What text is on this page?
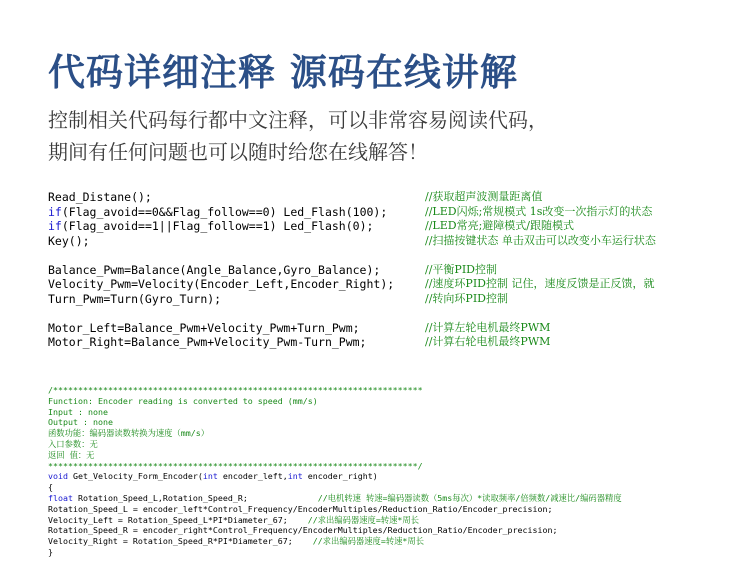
代码详细注释 源码在线讲解
控制相关代码每行都中文注释，可以非常容易阅读代码，
期间有任何问题也可以随时给您在线解答！
Read_Distane();	//获取超声波测量距离值
if(Flag_avoid==0&&Flag_follow==0) Led_Flash(100);	//LED闪烁;常规模式 1s改变一次指示灯的状态
if(Flag_avoid==1||Flag_follow==1) Led_Flash(0);	//LED常亮;避障模式/跟随模式
Key();	//扫描按键状态 单击双击可以改变小车运行状态
Balance_Pwm=Balance(Angle_Balance,Gyro_Balance);	//平衡PID控制
Velocity_Pwm=Velocity(Encoder_Left,Encoder_Right);	//速度环PID控制 记住，速度反馈是正反馈，就
Turn_Pwm=Turn(Gyro_Turn);	//转向环PID控制
Motor_Left=Balance_Pwm+Velocity_Pwm+Turn_Pwm;	//计算左轮电机最终PWM
Motor_Right=Balance_Pwm+Velocity_Pwm-Turn_Pwm;	//计算右轮电机最终PWM
/**************************************************************************
Function: Encoder reading is converted to speed (mm/s)
Input : none
Output : none
函数功能：编码器读数转换为速度（mm/s）
入口参数：无
返回 值：无
**************************************************************************/
void Get_Velocity_Form_Encoder(int encoder_left,int encoder_right)
{
float Rotation_Speed_L,Rotation_Speed_R;	//电机转速 转速=编码器读数（5ms每次）*读取频率/倍频数/减速比/编码器精度
Rotation_Speed_L = encoder_left*Control_Frequency/EncoderMultiples/Reduction_Ratio/Encoder_precision;
Velocity_Left = Rotation_Speed_L*PI*Diameter_67; //求出编码器速度=转速*周长
Rotation_Speed_R = encoder_right*Control_Frequency/EncoderMultiples/Reduction_Ratio/Encoder_precision;
Velocity_Right = Rotation_Speed_R*PI*Diameter_67; //求出编码器速度=转速*周长
}
